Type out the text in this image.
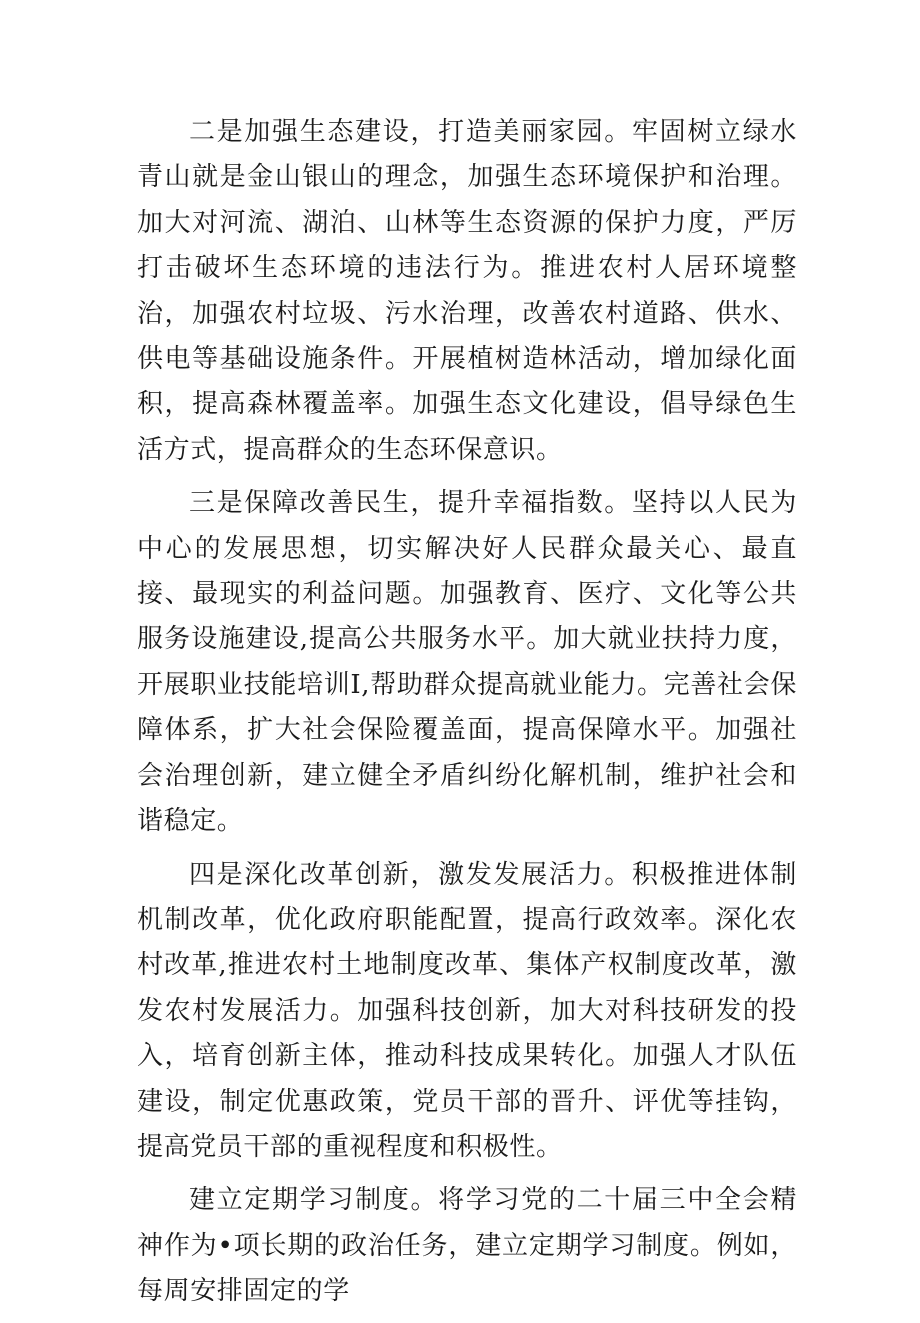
二是加强生态建设，打造美丽家园。牢固树立绿水青山就是金山银山的理念，加强生态环境保护和治理。加大对河流、湖泊、山林等生态资源的保护力度，严厉打击破坏生态环境的违法行为。推进农村人居环境整治，加强农村垃圾、污水治理，改善农村道路、供水、供电等基础设施条件。开展植树造林活动，增加绿化面积，提高森林覆盖率。加强生态文化建设，倡导绿色生活方式，提高群众的生态环保意识。

三是保障改善民生，提升幸福指数。坚持以人民为中心的发展思想，切实解决好人民群众最关心、最直接、最现实的利益问题。加强教育、医疗、文化等公共服务设施建设,提高公共服务水平。加大就业扶持力度，开展职业技能培训I,帮助群众提高就业能力。完善社会保障体系，扩大社会保险覆盖面，提高保障水平。加强社会治理创新，建立健全矛盾纠纷化解机制，维护社会和谐稳定。

四是深化改革创新，激发发展活力。积极推进体制机制改革，优化政府职能配置，提高行政效率。深化农村改革,推进农村土地制度改革、集体产权制度改革，激发农村发展活力。加强科技创新，加大对科技研发的投入，培育创新主体，推动科技成果转化。加强人才队伍建设，制定优惠政策，党员干部的晋升、评优等挂钩，提高党员干部的重视程度和积极性。

建立定期学习制度。将学习党的二十届三中全会精神作为•项长期的政治任务，建立定期学习制度。例如，每周安排固定的学
